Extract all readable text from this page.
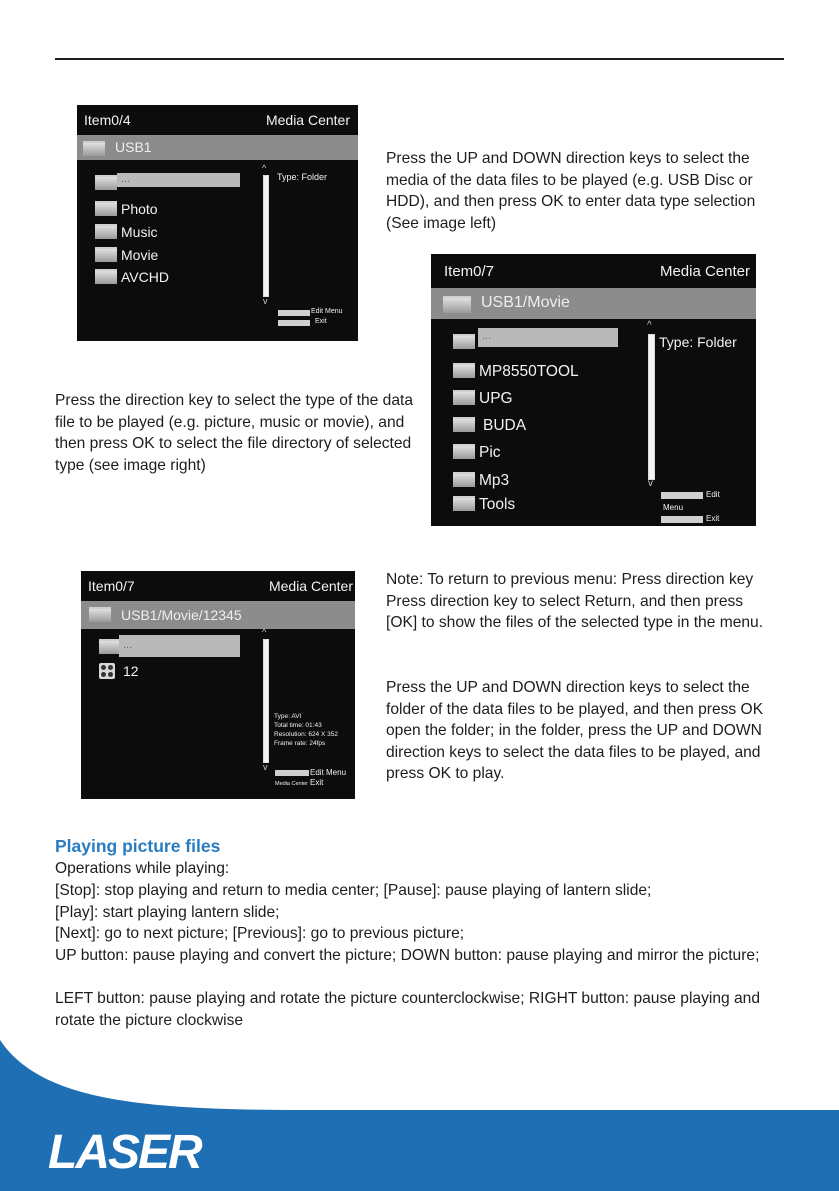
Item0/4	Media Center
USB1
...
Photo
Music
Movie
AVCHD
^
v
Type: Folder
Edit Menu
Exit

Press the UP and DOWN direction keys to select the media of the data files to be played (e.g. USB Disc or HDD), and then press OK to enter data type selection (See image left)

Item0/7	Media Center
USB1/Movie
...
MP8550TOOL
UPG
BUDA
Pic
Mp3
Tools
^
v
Type: Folder
Edit
Menu
Exit

Press the direction key to select the type of the data file to be played (e.g. picture, music or movie), and then press OK to select the file directory of selected type (see image right)

Item0/7	Media Center
USB1/Movie/12345
...
12
^
v
Type: AVI
Total time: 01:43
Resolution: 624 X 352
Frame rate: 24fps
Edit Menu
Media Center Exit

Note: To return to previous menu: Press direction key Press direction key to select Return, and then press [OK] to show the files of the selected type in the menu.

Press the UP and DOWN direction keys to select the folder of the data files to be played, and then press OK open the folder; in the folder, press the UP and DOWN direction keys to select the data files to be played, and press OK to play.

Playing picture files

Operations while playing:

[Stop]: stop playing and return to media center; [Pause]: pause playing of lantern slide;

[Play]: start playing lantern slide;

[Next]: go to next picture; [Previous]: go to previous picture;

UP button: pause playing and convert the picture; DOWN button: pause playing and mirror the picture;

LEFT button: pause playing and rotate the picture counterclockwise; RIGHT button: pause playing and rotate the picture clockwise

LASER
